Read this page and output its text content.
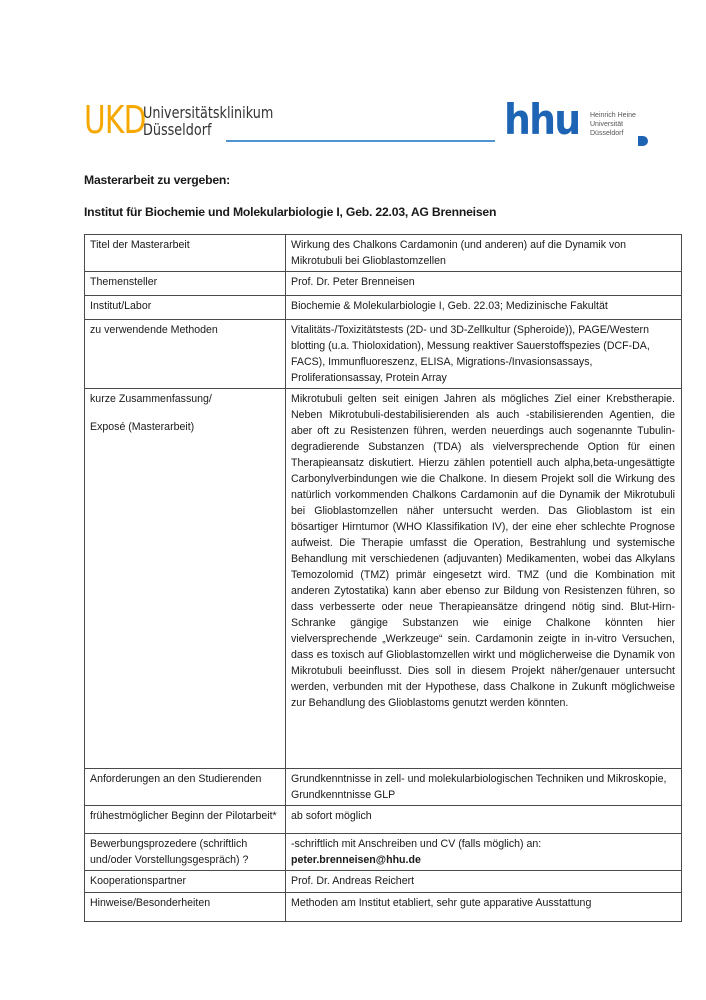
UKD
Universitätsklinikum
Düsseldorf	hhu Heinrich Heine
Universität
Düsseldorf
Masterarbeit zu vergeben:
Institut für Biochemie und Molekularbiologie I, Geb. 22.03, AG Brenneisen
Titel der Masterarbeit	Wirkung des Chalkons Cardamonin (und anderen) auf die Dynamik von Mikrotubuli bei Glioblastomzellen
Themensteller	Prof. Dr. Peter Brenneisen
Institut/Labor	Biochemie & Molekularbiologie I, Geb. 22.03; Medizinische Fakultät
zu verwendende Methoden	Vitalitäts-/Toxizitätstests (2D- und 3D-Zellkultur (Spheroide)), PAGE/Western blotting (u.a. Thioloxidation), Messung reaktiver Sauerstoffspezies (DCF-DA, FACS), Immunfluoreszenz, ELISA, Migrations-/Invasionsassays, Proliferationsassay, Protein Array

kurze Zusammenfassung/
Exposé (Masterarbeit)	Mikrotubuli gelten seit einigen Jahren als mögliches Ziel einer Krebstherapie. Neben Mikrotubuli-destabilisierenden als auch -stabilisierenden Agentien, die aber oft zu Resistenzen führen, werden neuerdings auch sogenannte Tubulin-degradierende Substanzen (TDA) als vielversprechende Option für einen Therapieansatz diskutiert. Hierzu zählen potentiell auch alpha,beta-ungesättigte Carbonylverbindungen wie die Chalkone. In diesem Projekt soll die Wirkung des natürlich vorkommenden Chalkons Cardamonin auf die Dynamik der Mikrotubuli bei Glioblastomzellen näher untersucht werden. Das Glioblastom ist ein bösartiger Hirntumor (WHO Klassifikation IV), der eine eher schlechte Prognose aufweist. Die Therapie umfasst die Operation, Bestrahlung und systemische Behandlung mit verschiedenen (adjuvanten) Medikamenten, wobei das Alkylans Temozolomid (TMZ) primär eingesetzt wird. TMZ (und die Kombination mit anderen Zytostatika) kann aber ebenso zur Bildung von Resistenzen führen, so dass verbesserte oder neue Therapieansätze dringend nötig sind. Blut-Hirn-Schranke gängige Substanzen wie einige Chalkone könnten hier vielversprechende „Werkzeuge“ sein. Cardamonin zeigte in in-vitro Versuchen, dass es toxisch auf Glioblastomzellen wirkt und möglicherweise die Dynamik von Mikrotubuli beeinflusst. Dies soll in diesem Projekt näher/genauer untersucht werden, verbunden mit der Hypothese, dass Chalkone in Zukunft möglichweise zur Behandlung des Glioblastoms genutzt werden könnten.
Anforderungen an den Studierenden	Grundkenntnisse in zell- und molekularbiologischen Techniken und Mikroskopie, Grundkenntnisse GLP
frühestmöglicher Beginn der Pilotarbeit*	ab sofort möglich
Bewerbungsprozedere (schriftlich und/oder Vorstellungsgespräch) ?	-schriftlich mit Anschreiben und CV (falls möglich) an:
peter.brenneisen@hhu.de

Kooperationspartner	Prof. Dr. Andreas Reichert
Hinweise/Besonderheiten	Methoden am Institut etabliert, sehr gute apparative Ausstattung
